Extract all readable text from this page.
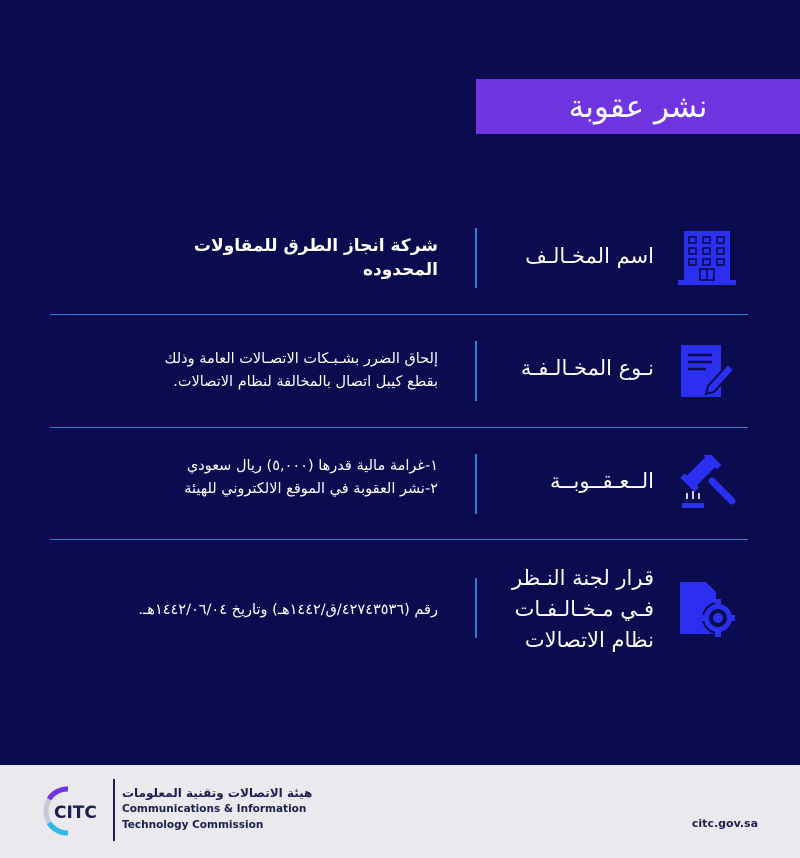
نشر عقوبة
اسم المخـالـف

شركة انجاز الطرق للمقاولات

المحدوده

نـوع المخـالـفـة

إلحاق الضرر بشـبـكات الاتصـالات العامة وذلك

بقطع كيبل اتصال بالمخالفة لنظام الاتصالات.

الــعـقــوبــة

١-غرامة مالية قدرها (٥,٠٠٠) ريال سعودي

٢-نشر العقوبة في الموقع الالكتروني للهيئة

قرار لجنة النـظر
فـي مـخـالـفـات
نظام الاتصالات

رقم (٤٢٧٤٣٥٣٦/ق/١٤٤٢هـ) وتاريخ ١٤٤٢/٠٦/٠٤هـ.

CITC
هيئة الاتصالات وتقنية المعلومات
Communications & Information
Technology Commission	citc.gov.sa
